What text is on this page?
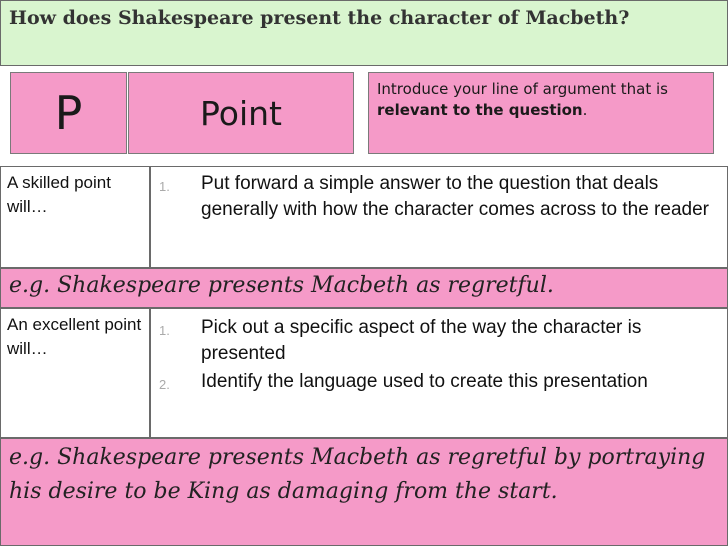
How does Shakespeare present the character of Macbeth?
P	Point
Introduce your line of argument that is relevant to the question.
A skilled point will…
1.	Put forward a simple answer to the question that deals generally with how the character comes across to the reader
e.g. Shakespeare presents Macbeth as regretful.
An excellent point will…
1.	Pick out a specific aspect of the way the character is presented
2.	Identify the language used to create this presentation
e.g. Shakespeare presents Macbeth as regretful by portraying his desire to be King as damaging from the start.
